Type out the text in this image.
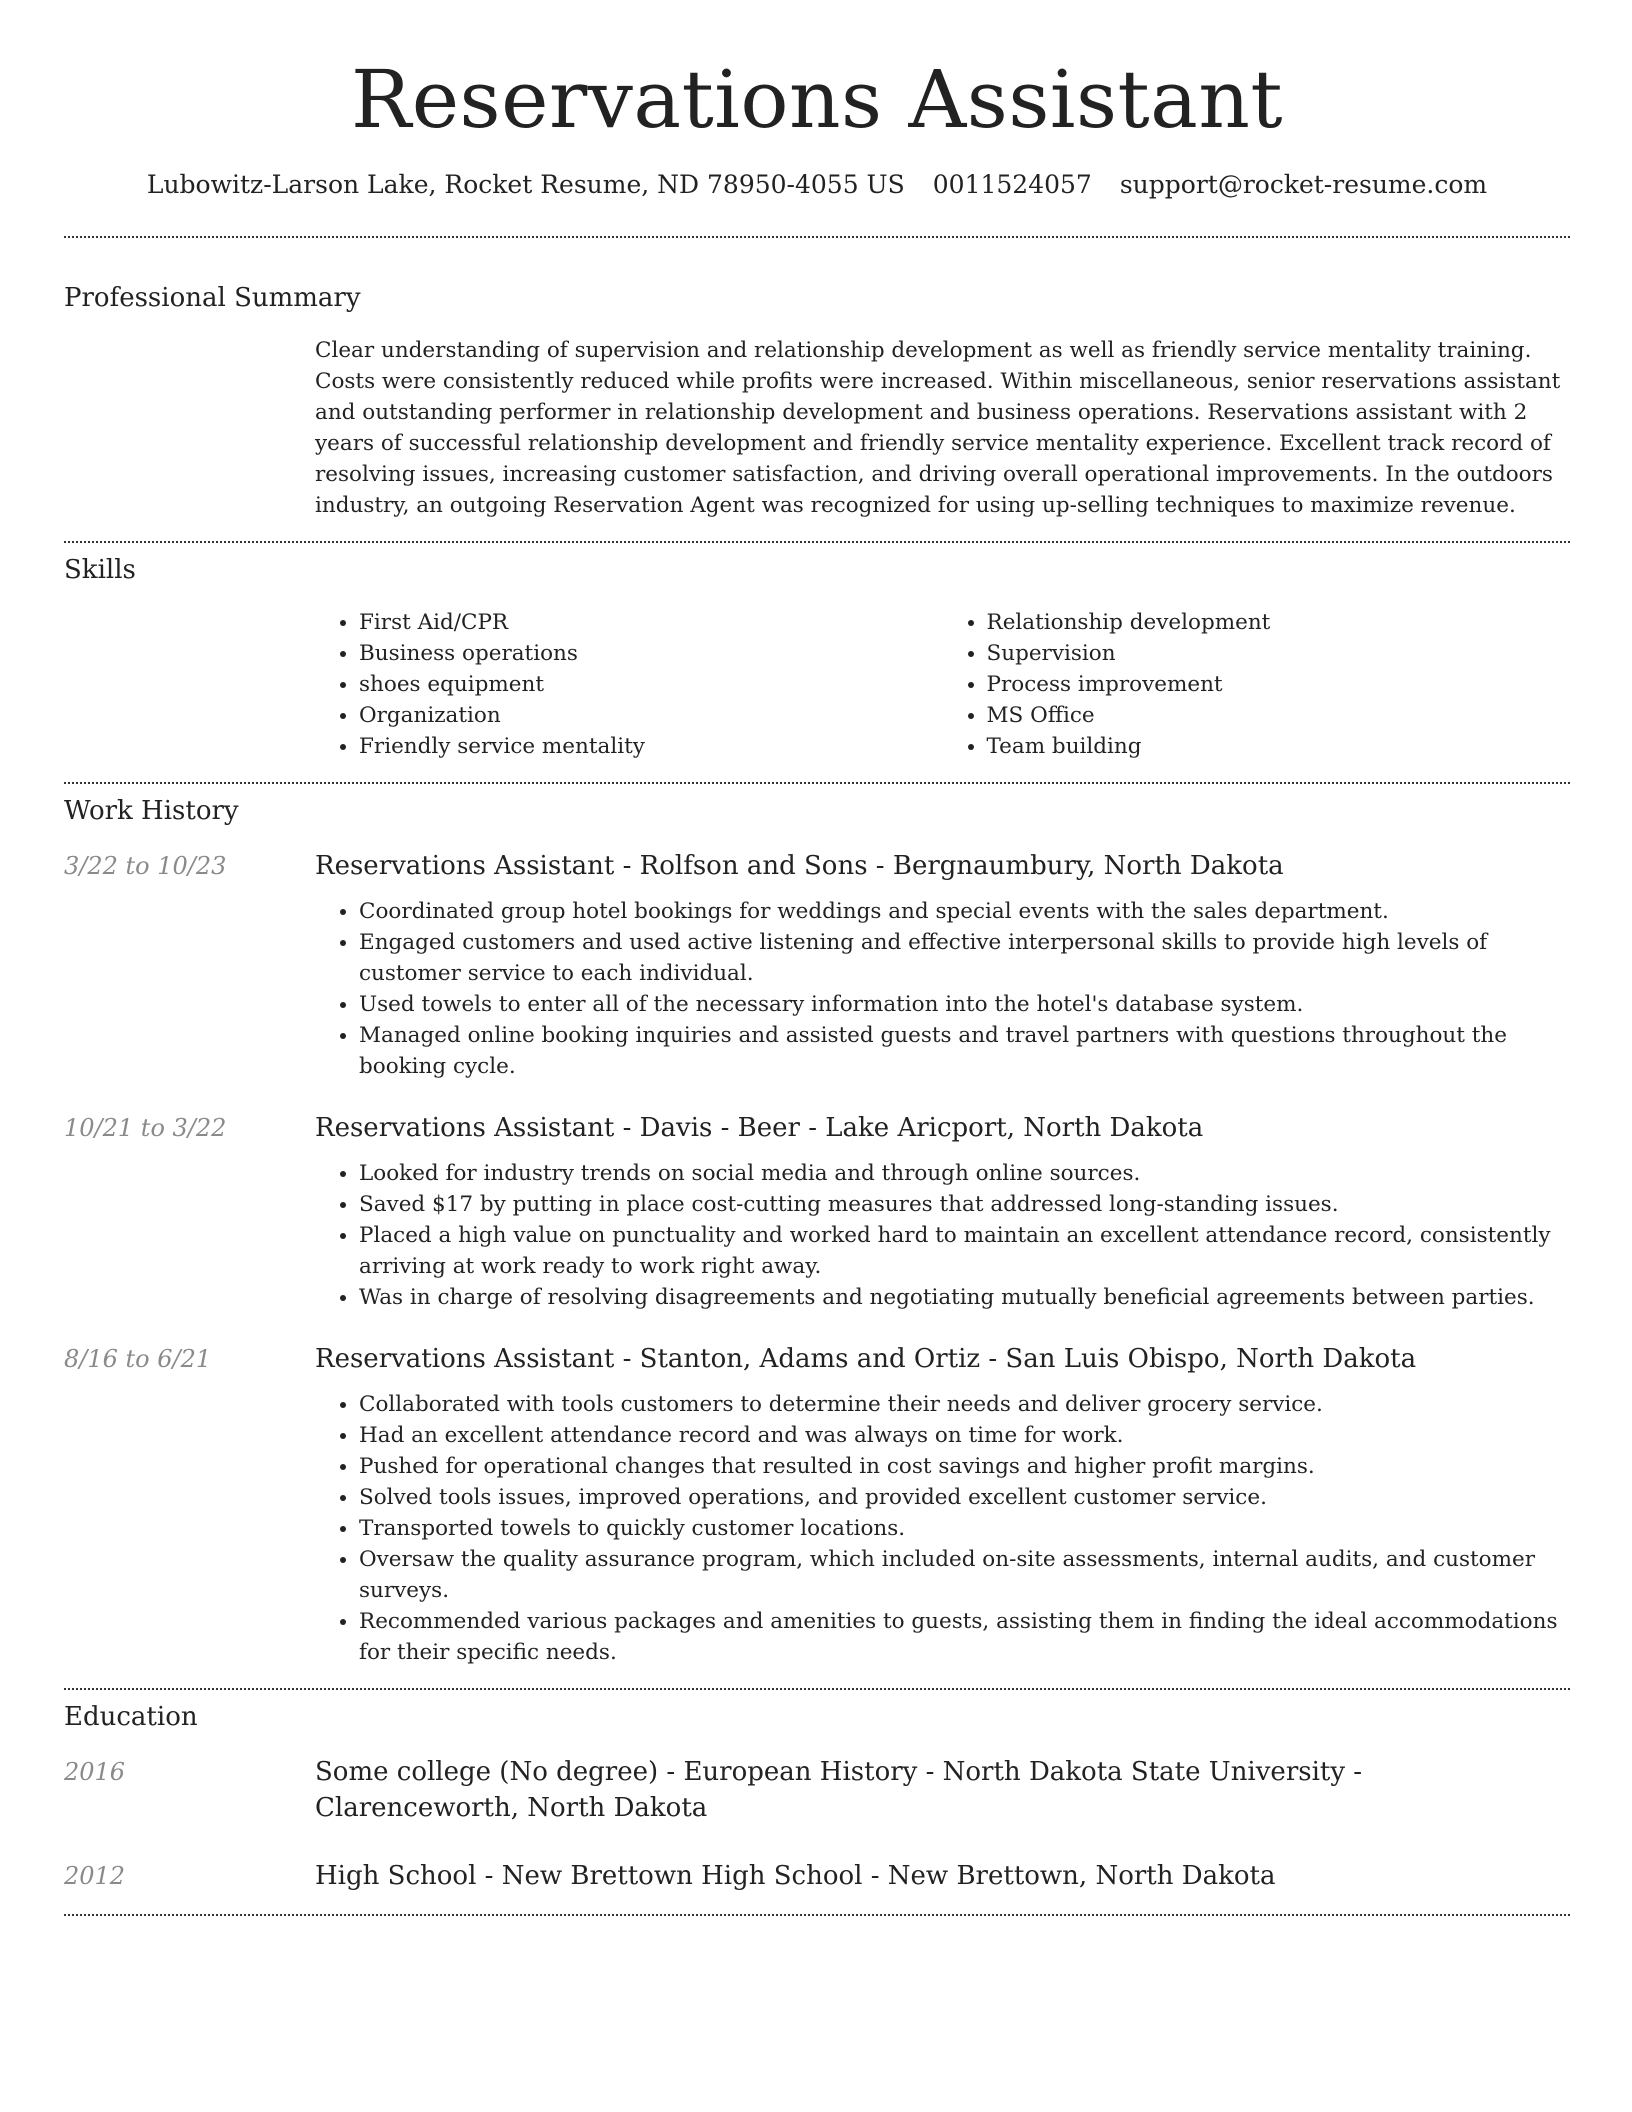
Reservations Assistant
Lubowitz-Larson Lake, Rocket Resume, ND 78950-4055 US 0011524057 support@rocket-resume.com
Professional Summary

Clear understanding of supervision and relationship development as well as friendly service mentality training. Costs were consistently reduced while profits were increased. Within miscellaneous, senior reservations assistant and outstanding performer in relationship development and business operations. Reservations assistant with 2 years of successful relationship development and friendly service mentality experience. Excellent track record of resolving issues, increasing customer satisfaction, and driving overall operational improvements. In the outdoors industry, an outgoing Reservation Agent was recognized for using up-selling techniques to maximize revenue.

Skills
• First Aid/CPR
• Business operations
• shoes equipment
• Organization
• Friendly service mentality
• Relationship development
• Supervision
• Process improvement
• MS Office
• Team building
Work History
3/22 to 10/23	Reservations Assistant - Rolfson and Sons - Bergnaumbury, North Dakota
• Coordinated group hotel bookings for weddings and special events with the sales department.
• Engaged customers and used active listening and effective interpersonal skills to provide high levels of customer service to each individual.
• Used towels to enter all of the necessary information into the hotel's database system.
• Managed online booking inquiries and assisted guests and travel partners with questions throughout the booking cycle.
10/21 to 3/22	Reservations Assistant - Davis - Beer - Lake Aricport, North Dakota
• Looked for industry trends on social media and through online sources.
• Saved $17 by putting in place cost-cutting measures that addressed long-standing issues.
• Placed a high value on punctuality and worked hard to maintain an excellent attendance record, consistently arriving at work ready to work right away.
• Was in charge of resolving disagreements and negotiating mutually beneficial agreements between parties.
8/16 to 6/21	Reservations Assistant - Stanton, Adams and Ortiz - San Luis Obispo, North Dakota
• Collaborated with tools customers to determine their needs and deliver grocery service.
• Had an excellent attendance record and was always on time for work.
• Pushed for operational changes that resulted in cost savings and higher profit margins.
• Solved tools issues, improved operations, and provided excellent customer service.
• Transported towels to quickly customer locations.
• Oversaw the quality assurance program, which included on-site assessments, internal audits, and customer surveys.
• Recommended various packages and amenities to guests, assisting them in finding the ideal accommodations for their specific needs.
Education
2016	Some college (No degree) - European History - North Dakota State University - Clarenceworth, North Dakota
2012	High School - New Brettown High School - New Brettown, North Dakota
